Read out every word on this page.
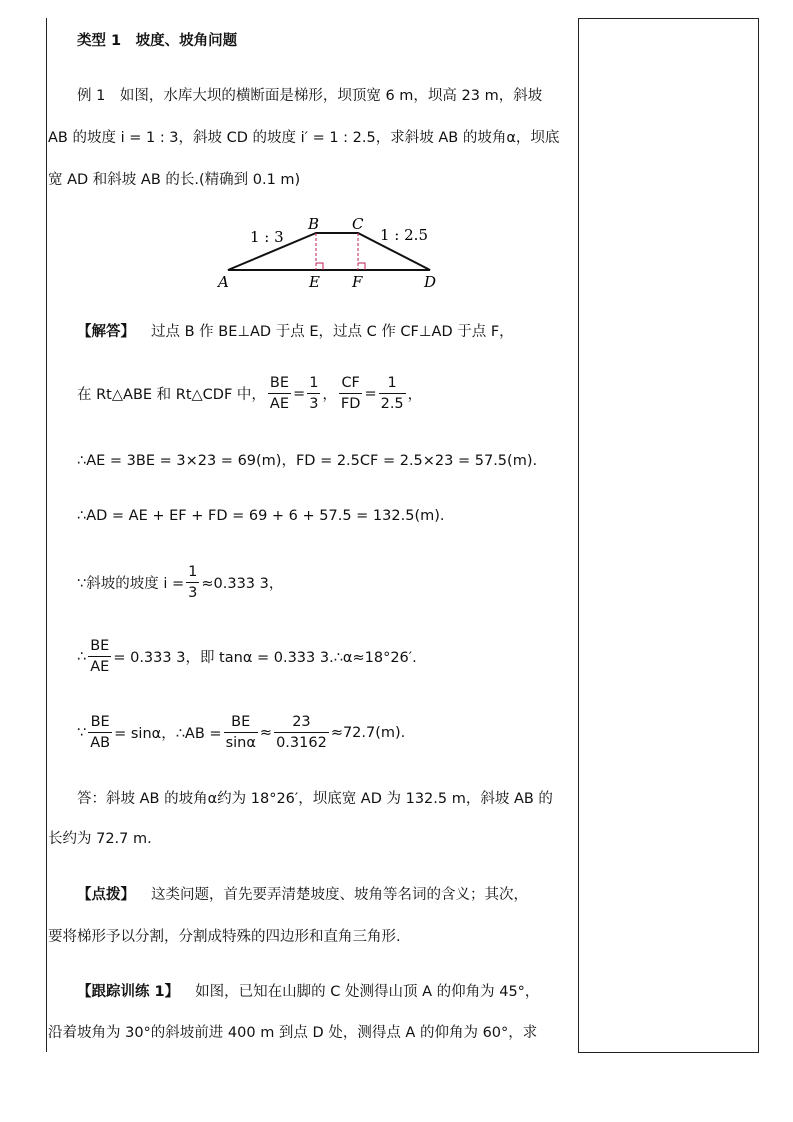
类型 1　坡度、坡角问题
例 1　如图，水库大坝的横断面是梯形，坝顶宽 6 m，坝高 23 m，斜坡
AB 的坡度 i = 1 : 3，斜坡 CD 的坡度 i′ = 1 : 2.5，求斜坡 AB 的坡角α，坝底
宽 AD 和斜坡 AB 的长.(精确到 0.1 m)
A
B C
D
E F
1 : 3	1 : 2.5
【解答】 过点 B 作 BE⊥AD 于点 E，过点 C 作 CF⊥AD 于点 F，
在 Rt△ABE 和 Rt△CDF 中， $\frac{BE}{AE} = \frac{1}{3}$ ， $\frac{CF}{FD} = \frac{1}{2.5}$ ，
∴AE = 3BE = 3×23 = 69(m)，FD = 2.5CF = 2.5×23 = 57.5(m).
∴AD = AE + EF + FD = 69 + 6 + 57.5 = 132.5(m).
∵斜坡的坡度 $i = \frac{1}{3} \approx 0.333$ 3，
∴ $\frac{BE}{AE} = 0.333$ 3，即 tanα = 0.333 3.∴α≈18°26′.
∵ $\frac{BE}{AB} = \sin\alpha$，∴AB = $\frac{BE}{\sin\alpha} \approx \frac{23}{0.3162} \approx 72.7(m)$.
答：斜坡 AB 的坡角α约为 18°26′，坝底宽 AD 为 132.5 m，斜坡 AB 的
长约为 72.7 m.
【点拨】 这类问题，首先要弄清楚坡度、坡角等名词的含义；其次，
要将梯形予以分割，分割成特殊的四边形和直角三角形.
【跟踪训练 1】 如图，已知在山脚的 C 处测得山顶 A 的仰角为 45°，
沿着坡角为 30°的斜坡前进 400 m 到点 D 处，测得点 A 的仰角为 60°，求
